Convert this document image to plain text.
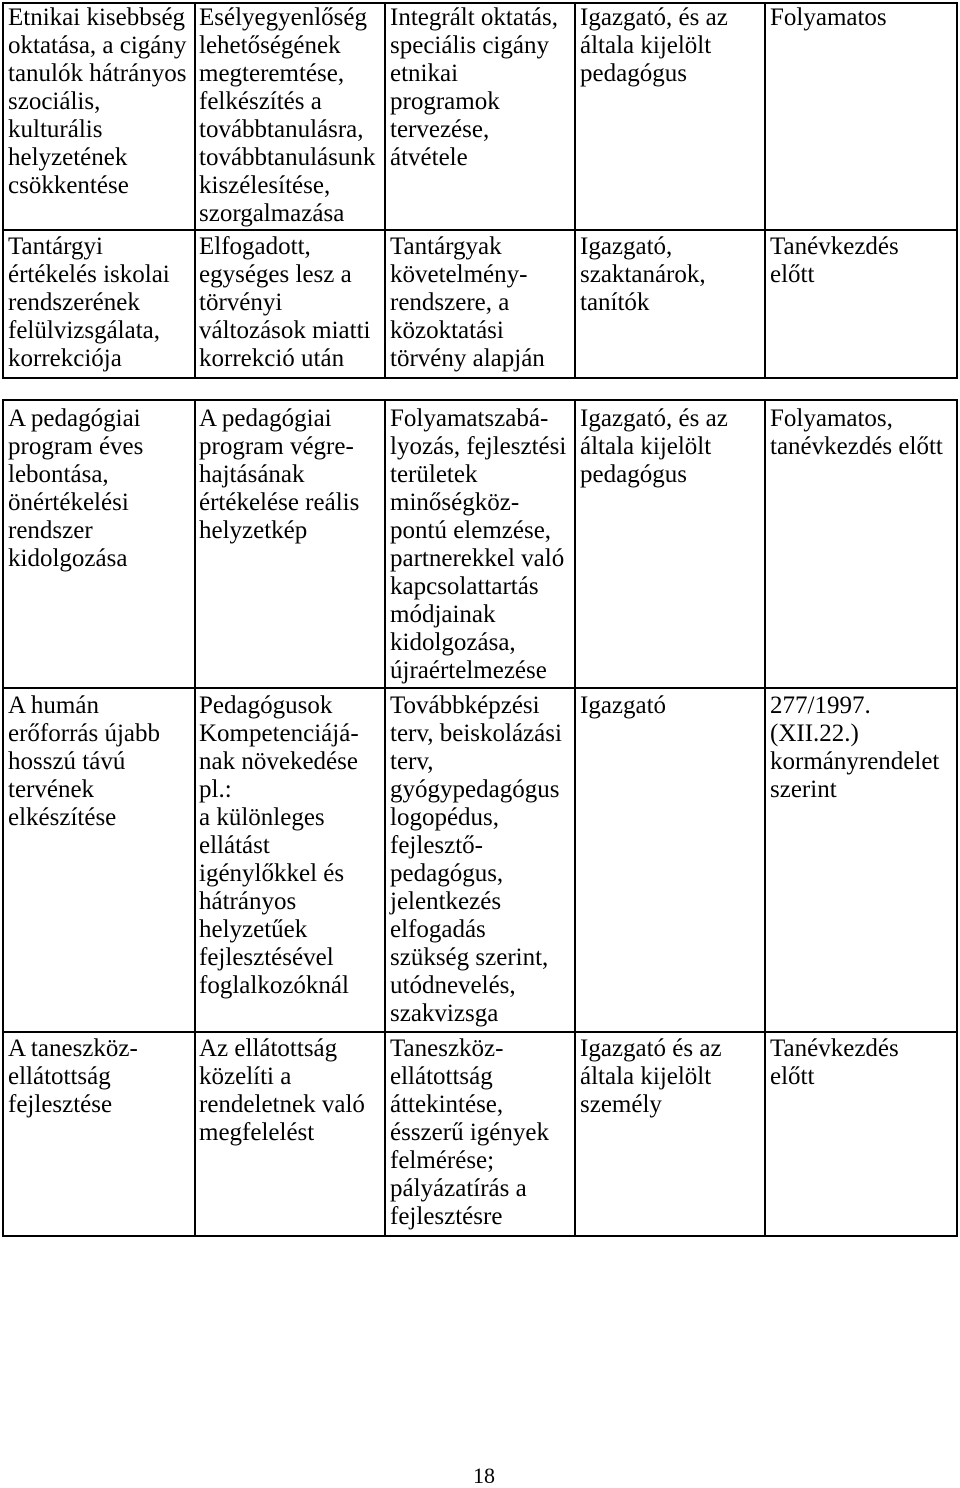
Etnikai kisebbség
oktatása, a cigány
tanulók hátrányos
szociális,
kulturális
helyzetének
csökkentése
Esélyegyenlőség
lehetőségének
megteremtése,
felkészítés a
továbbtanulásra,
továbbtanulásunk
kiszélesítése,
szorgalmazása
Integrált oktatás,
speciális cigány
etnikai
programok
tervezése,
átvétele
Igazgató, és az
általa kijelölt
pedagógus
Folyamatos
Tantárgyi
értékelés iskolai
rendszerének
felülvizsgálata,
korrekciója
Elfogadott,
egységes lesz a
törvényi
változások miatti
korrekció után
Tantárgyak
követelmény-
rendszere, a
közoktatási
törvény alapján
Igazgató,
szaktanárok,
tanítók
Tanévkezdés
előtt
A pedagógiai
program éves
lebontása,
önértékelési
rendszer
kidolgozása
A pedagógiai
program végre-
hajtásának
értékelése reális
helyzetkép
Folyamatszabá-
lyozás, fejlesztési
területek
minőségköz-
pontú elemzése,
partnerekkel való
kapcsolattartás
módjainak
kidolgozása,
újraértelmezése
Igazgató, és az
általa kijelölt
pedagógus
Folyamatos,
tanévkezdés előtt
A humán
erőforrás újabb
hosszú távú
tervének
elkészítése
Pedagógusok
Kompetenciájá-
nak növekedése
pl.:
a különleges
ellátást
igénylőkkel és
hátrányos
helyzetűek
fejlesztésével
foglalkozóknál
Továbbképzési
terv, beiskolázási
terv,
gyógypedagógus
logopédus,
fejlesztő-
pedagógus,
jelentkezés
elfogadás
szükség szerint,
utódnevelés,
szakvizsga
Igazgató	277/1997.
(XII.22.)
kormányrendelet
szerint
A taneszköz-
ellátottság
fejlesztése
Az ellátottság
közelíti a
rendeletnek való
megfelelést
Taneszköz-
ellátottság
áttekintése,
ésszerű igények
felmérése;
pályázatírás a
fejlesztésre
Igazgató és az
általa kijelölt
személy
Tanévkezdés
előtt
18
